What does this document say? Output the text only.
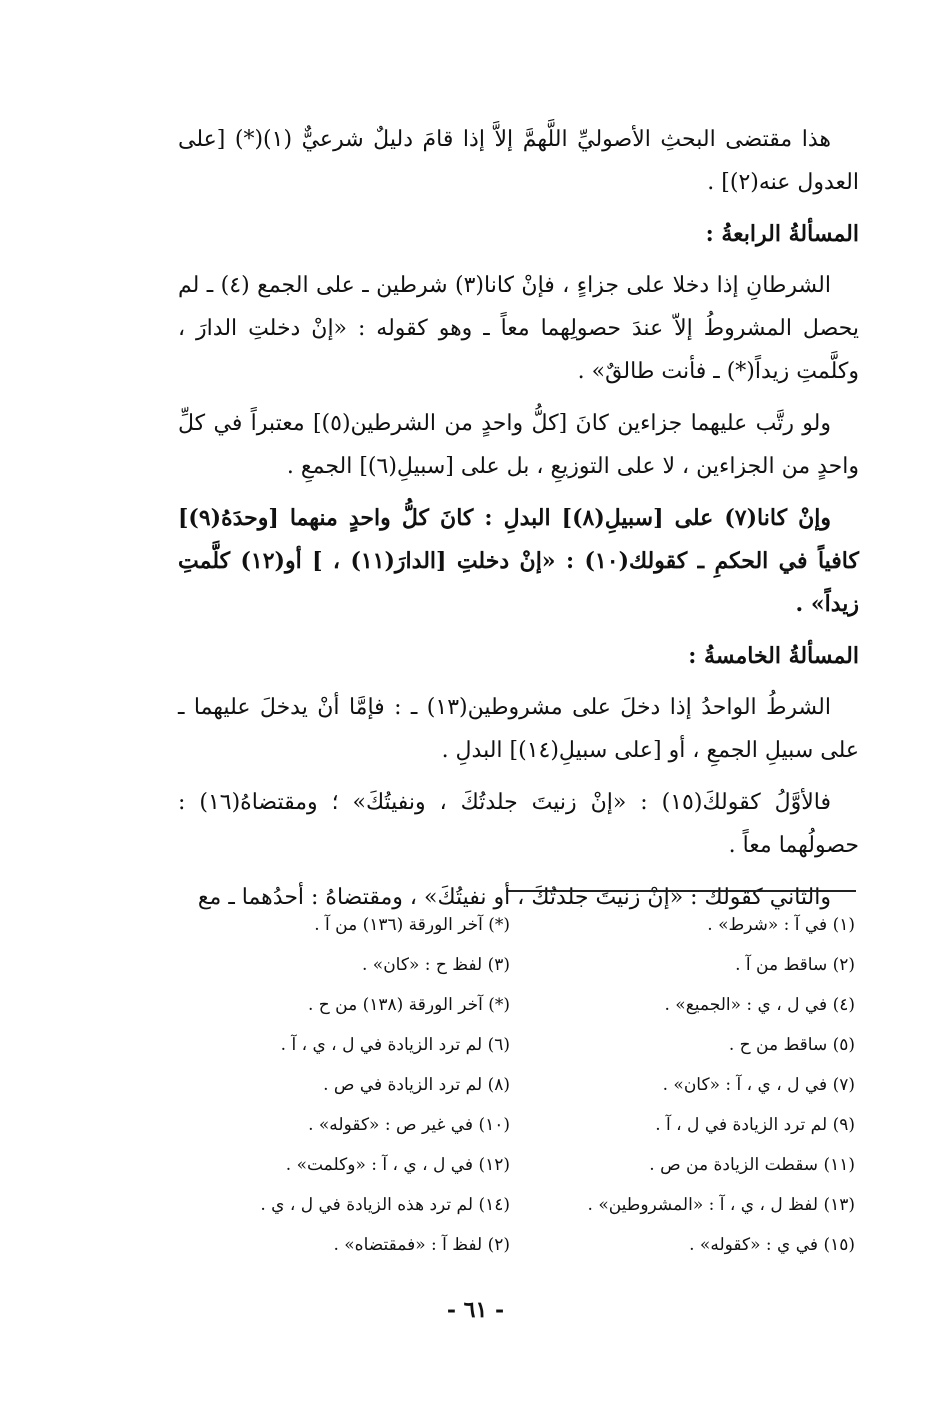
هذا مقتضى البحثِ الأصوليِّ اللَّهمَّ إلاَّ إذا قامَ دليلٌ شرعيٌّ (١)(*) [على العدول عنه(٢)] .

المسألةُ الرابعةُ :

الشرطانِ إذا دخلا على جزاءٍ ، فإنْ كانا(٣) شرطين ـ على الجمع (٤) ـ لم يحصل المشروطُ إلاّ عندَ حصولِهما معاً ـ وهو كقوله : «إنْ دخلتِ الدارَ ، وكلَّمتِ زيداً(*) ـ فأنت طالقٌ» .

ولو رتَّب عليهما جزاءين كانَ [كلُّ واحدٍ من الشرطين(٥)] معتبراً في كلِّ واحدٍ من الجزاءين ، لا على التوزيعِ ، بل على [سبيلِ(٦)] الجمعِ .

وإنْ كانا(٧) على [سبيلِ(٨)] البدلِ : كانَ كلُّ واحدٍ منهما [وحدَهُ(٩)] كافياً في الحكمِ ـ كقولك(١٠) : «إنْ دخلتِ [الدارَ(١١) ، ] أو(١٢) كلَّمتِ زيداً» .

المسألةُ الخامسةُ :

الشرطُ الواحدُ إذا دخلَ على مشروطين(١٣) ـ : فإمَّا أنْ يدخلَ عليهما ـ على سبيلِ الجمعِ ، أو [على سبيلِ(١٤)] البدلِ .

فالأوَّلُ كقولكَ(١٥) : «إنْ زنيتَ جلدتُكَ ، ونفيتُكَ» ؛ ومقتضاهُ(١٦) : حصولُهما معاً .

والثاني كقولك : «إنْ زنيتَ جلدتُكَ ، أو نفيتُكَ» ، ومقتضاهُ : أحدُهما ـ مع

(١) في آ : «شرط» .
(*) آخر الورقة (١٣٦) من آ .
(٢) ساقط من آ .
(٣) لفظ ح : «كان» .
(٤) في ل ، ي : «الجميع» .
(*) آخر الورقة (١٣٨) من ح .
(٥) ساقط من ح .
(٦) لم ترد الزيادة في ل ، ي ، آ .
(٧) في ل ، ي ، آ : «كان» .
(٨) لم ترد الزيادة في ص .
(٩) لم ترد الزيادة في ل ، آ .
(١٠) في غير ص : «كقوله» .
(١١) سقطت الزيادة من ص .
(١٢) في ل ، ي ، آ : «وكلمت» .
(١٣) لفظ ل ، ي ، آ : «المشروطين» .
(١٤) لم ترد هذه الزيادة في ل ، ي .
(١٥) في ي : «كقوله» .
(٢) لفظ آ : «فمقتضاه» .
- ٦١ -
